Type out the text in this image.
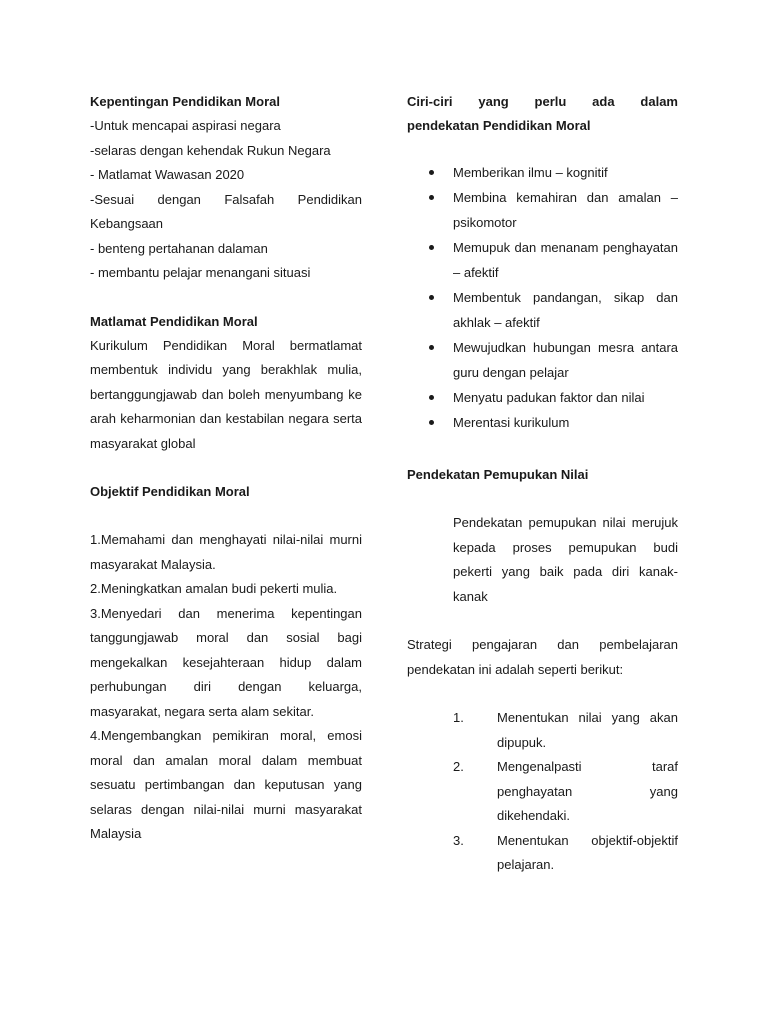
Kepentingan Pendidikan Moral

-Untuk mencapai aspirasi negara

-selaras dengan kehendak Rukun Negara

- Matlamat Wawasan 2020

-Sesuai dengan Falsafah Pendidikan

Kebangsaan

- benteng pertahanan dalaman

- membantu pelajar menangani situasi

Matlamat Pendidikan Moral

Kurikulum Pendidikan Moral bermatlamat membentuk individu yang berakhlak mulia, bertanggungjawab dan boleh menyumbang ke arah keharmonian dan kestabilan negara serta masyarakat global

Objektif Pendidikan Moral

1.Memahami dan menghayati nilai-nilai murni masyarakat Malaysia.

2.Meningkatkan amalan budi pekerti mulia.

3.Menyedari dan menerima kepentingan tanggungjawab moral dan sosial bagi mengekalkan kesejahteraan hidup dalam perhubungan diri dengan keluarga, masyarakat, negara serta alam sekitar.

4.Mengembangkan pemikiran moral, emosi moral dan amalan moral dalam membuat sesuatu pertimbangan dan keputusan yang selaras dengan nilai-nilai murni masyarakat Malaysia

Ciri-ciri yang perlu ada dalam

pendekatan Pendidikan Moral

Memberikan ilmu – kognitif
Membina kemahiran dan amalan – psikomotor
Memupuk dan menanam penghayatan – afektif
Membentuk pandangan, sikap dan akhlak – afektif
Mewujudkan hubungan mesra antara guru dengan pelajar
Menyatu padukan faktor dan nilai
Merentasi kurikulum

Pendekatan Pemupukan Nilai

Pendekatan pemupukan nilai merujuk kepada proses pemupukan budi pekerti yang baik pada diri kanak-kanak

Strategi pengajaran dan pembelajaran pendekatan ini adalah seperti berikut:

1.	Menentukan nilai yang akan dipupuk.
2.	Mengenalpasti taraf penghayatan yang dikehendaki.
3.	Menentukan objektif-objektif pelajaran.
